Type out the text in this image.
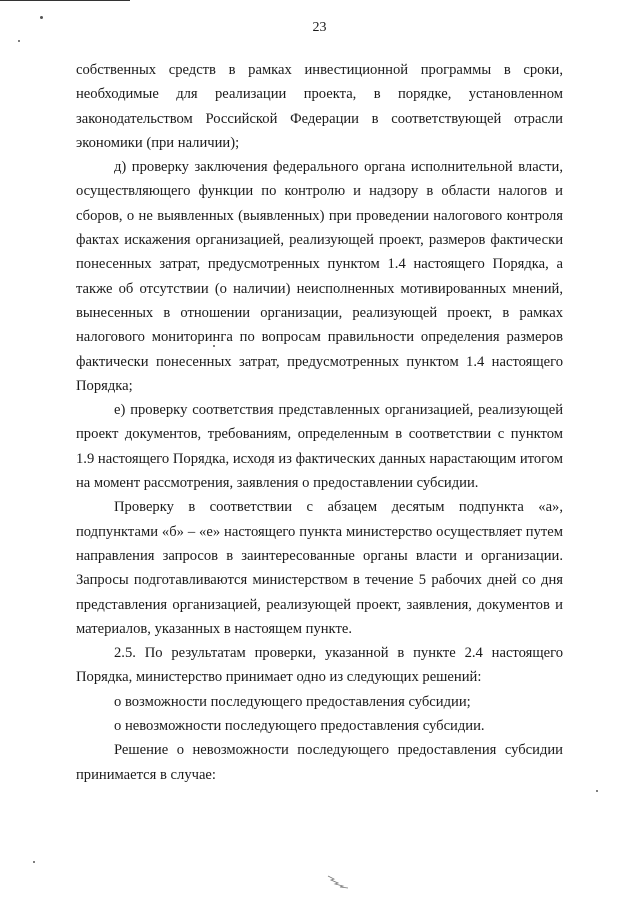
23

собственных средств в рамках инвестиционной программы в сроки, необходимые для реализации проекта, в порядке, установленном законодательством Российской Федерации в соответствующей отрасли экономики (при наличии);

д) проверку заключения федерального органа исполнительной власти, осуществляющего функции по контролю и надзору в области налогов и сборов, о не выявленных (выявленных) при проведении налогового контроля фактах искажения организацией, реализующей проект, размеров фактически понесенных затрат, предусмотренных пунктом 1.4 настоящего Порядка, а также об отсутствии (о наличии) неисполненных мотивированных мнений, вынесенных в отношении организации, реализующей проект, в рамках налогового мониторинга по вопросам правильности определения размеров фактически понесенных затрат, предусмотренных пунктом 1.4 настоящего Порядка;

е) проверку соответствия представленных организацией, реализующей проект документов, требованиям, определенным в соответствии с пунктом 1.9 настоящего Порядка, исходя из фактических данных нарастающим итогом на момент рассмотрения, заявления о предоставлении субсидии.

Проверку в соответствии с абзацем десятым подпункта «а», подпунктами «б» – «е» настоящего пункта министерство осуществляет путем направления запросов в заинтересованные органы власти и организации. Запросы подготавливаются министерством в течение 5 рабочих дней со дня представления организацией, реализующей проект, заявления, документов и материалов, указанных в настоящем пункте.

2.5. По результатам проверки, указанной в пункте 2.4 настоящего Порядка, министерство принимает одно из следующих решений:

о возможности последующего предоставления субсидии;

о невозможности последующего предоставления субсидии.

Решение о невозможности последующего предоставления субсидии принимается в случае:
